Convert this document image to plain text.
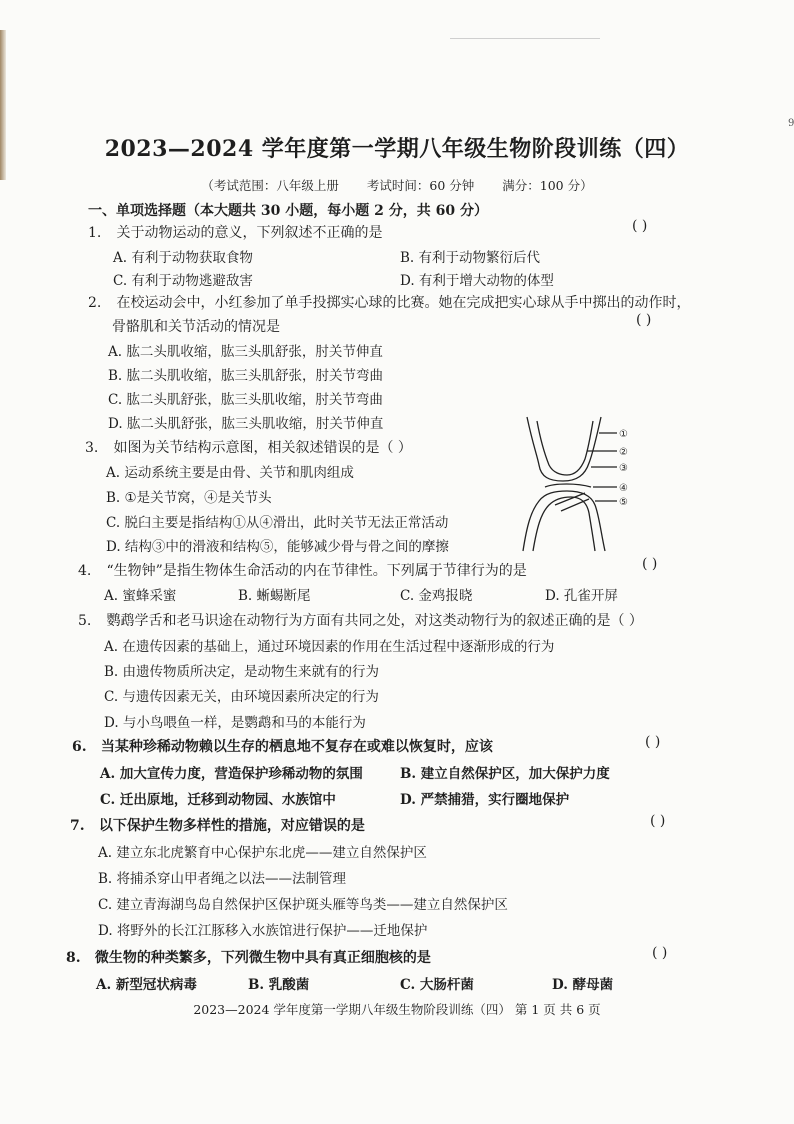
9
2023—2024 学年度第一学期八年级生物阶段训练（四）
（考试范围：八年级上册 考试时间：60 分钟 满分：100 分）
一、单项选择题（本大题共 30 小题，每小题 2 分，共 60 分）
1. 关于动物运动的意义，下列叙述不正确的是	( )
A. 有利于动物获取食物	B. 有利于动物繁衍后代
C. 有利于动物逃避敌害	D. 有利于增大动物的体型
2. 在校运动会中，小红参加了单手投掷实心球的比赛。她在完成把实心球从手中掷出的动作时，
骨骼肌和关节活动的情况是	( )
A. 肱二头肌收缩，肱三头肌舒张，肘关节伸直
B. 肱二头肌收缩，肱三头肌舒张，肘关节弯曲
C. 肱二头肌舒张，肱三头肌收缩，肘关节弯曲
D. 肱二头肌舒张，肱三头肌收缩，肘关节伸直
3. 如图为关节结构示意图，相关叙述错误的是（ ）
A. 运动系统主要是由骨、关节和肌肉组成
B. ①是关节窝，④是关节头
C. 脱臼主要是指结构①从④滑出，此时关节无法正常活动
D. 结构③中的滑液和结构⑤，能够减少骨与骨之间的摩擦
①
②
③
④
⑤
4. “生物钟”是指生物体生命活动的内在节律性。下列属于节律行为的是	( )
A. 蜜蜂采蜜	B. 蜥蜴断尾	C. 金鸡报晓	D. 孔雀开屏
5. 鹦鹉学舌和老马识途在动物行为方面有共同之处，对这类动物行为的叙述正确的是（ ）
A. 在遗传因素的基础上，通过环境因素的作用在生活过程中逐渐形成的行为
B. 由遗传物质所决定，是动物生来就有的行为
C. 与遗传因素无关，由环境因素所决定的行为
D. 与小鸟喂鱼一样，是鹦鹉和马的本能行为
6. 当某种珍稀动物赖以生存的栖息地不复存在或难以恢复时，应该	( )
A. 加大宣传力度，营造保护珍稀动物的氛围	B. 建立自然保护区，加大保护力度
C. 迁出原地，迁移到动物园、水族馆中	D. 严禁捕猎，实行圈地保护
7. 以下保护生物多样性的措施，对应错误的是	( )
A. 建立东北虎繁育中心保护东北虎——建立自然保护区
B. 将捕杀穿山甲者绳之以法——法制管理
C. 建立青海湖鸟岛自然保护区保护斑头雁等鸟类——建立自然保护区
D. 将野外的长江江豚移入水族馆进行保护——迁地保护
8. 微生物的种类繁多，下列微生物中具有真正细胞核的是	( )
A. 新型冠状病毒	B. 乳酸菌	C. 大肠杆菌	D. 酵母菌
2023—2024 学年度第一学期八年级生物阶段训练（四） 第 1 页 共 6 页
